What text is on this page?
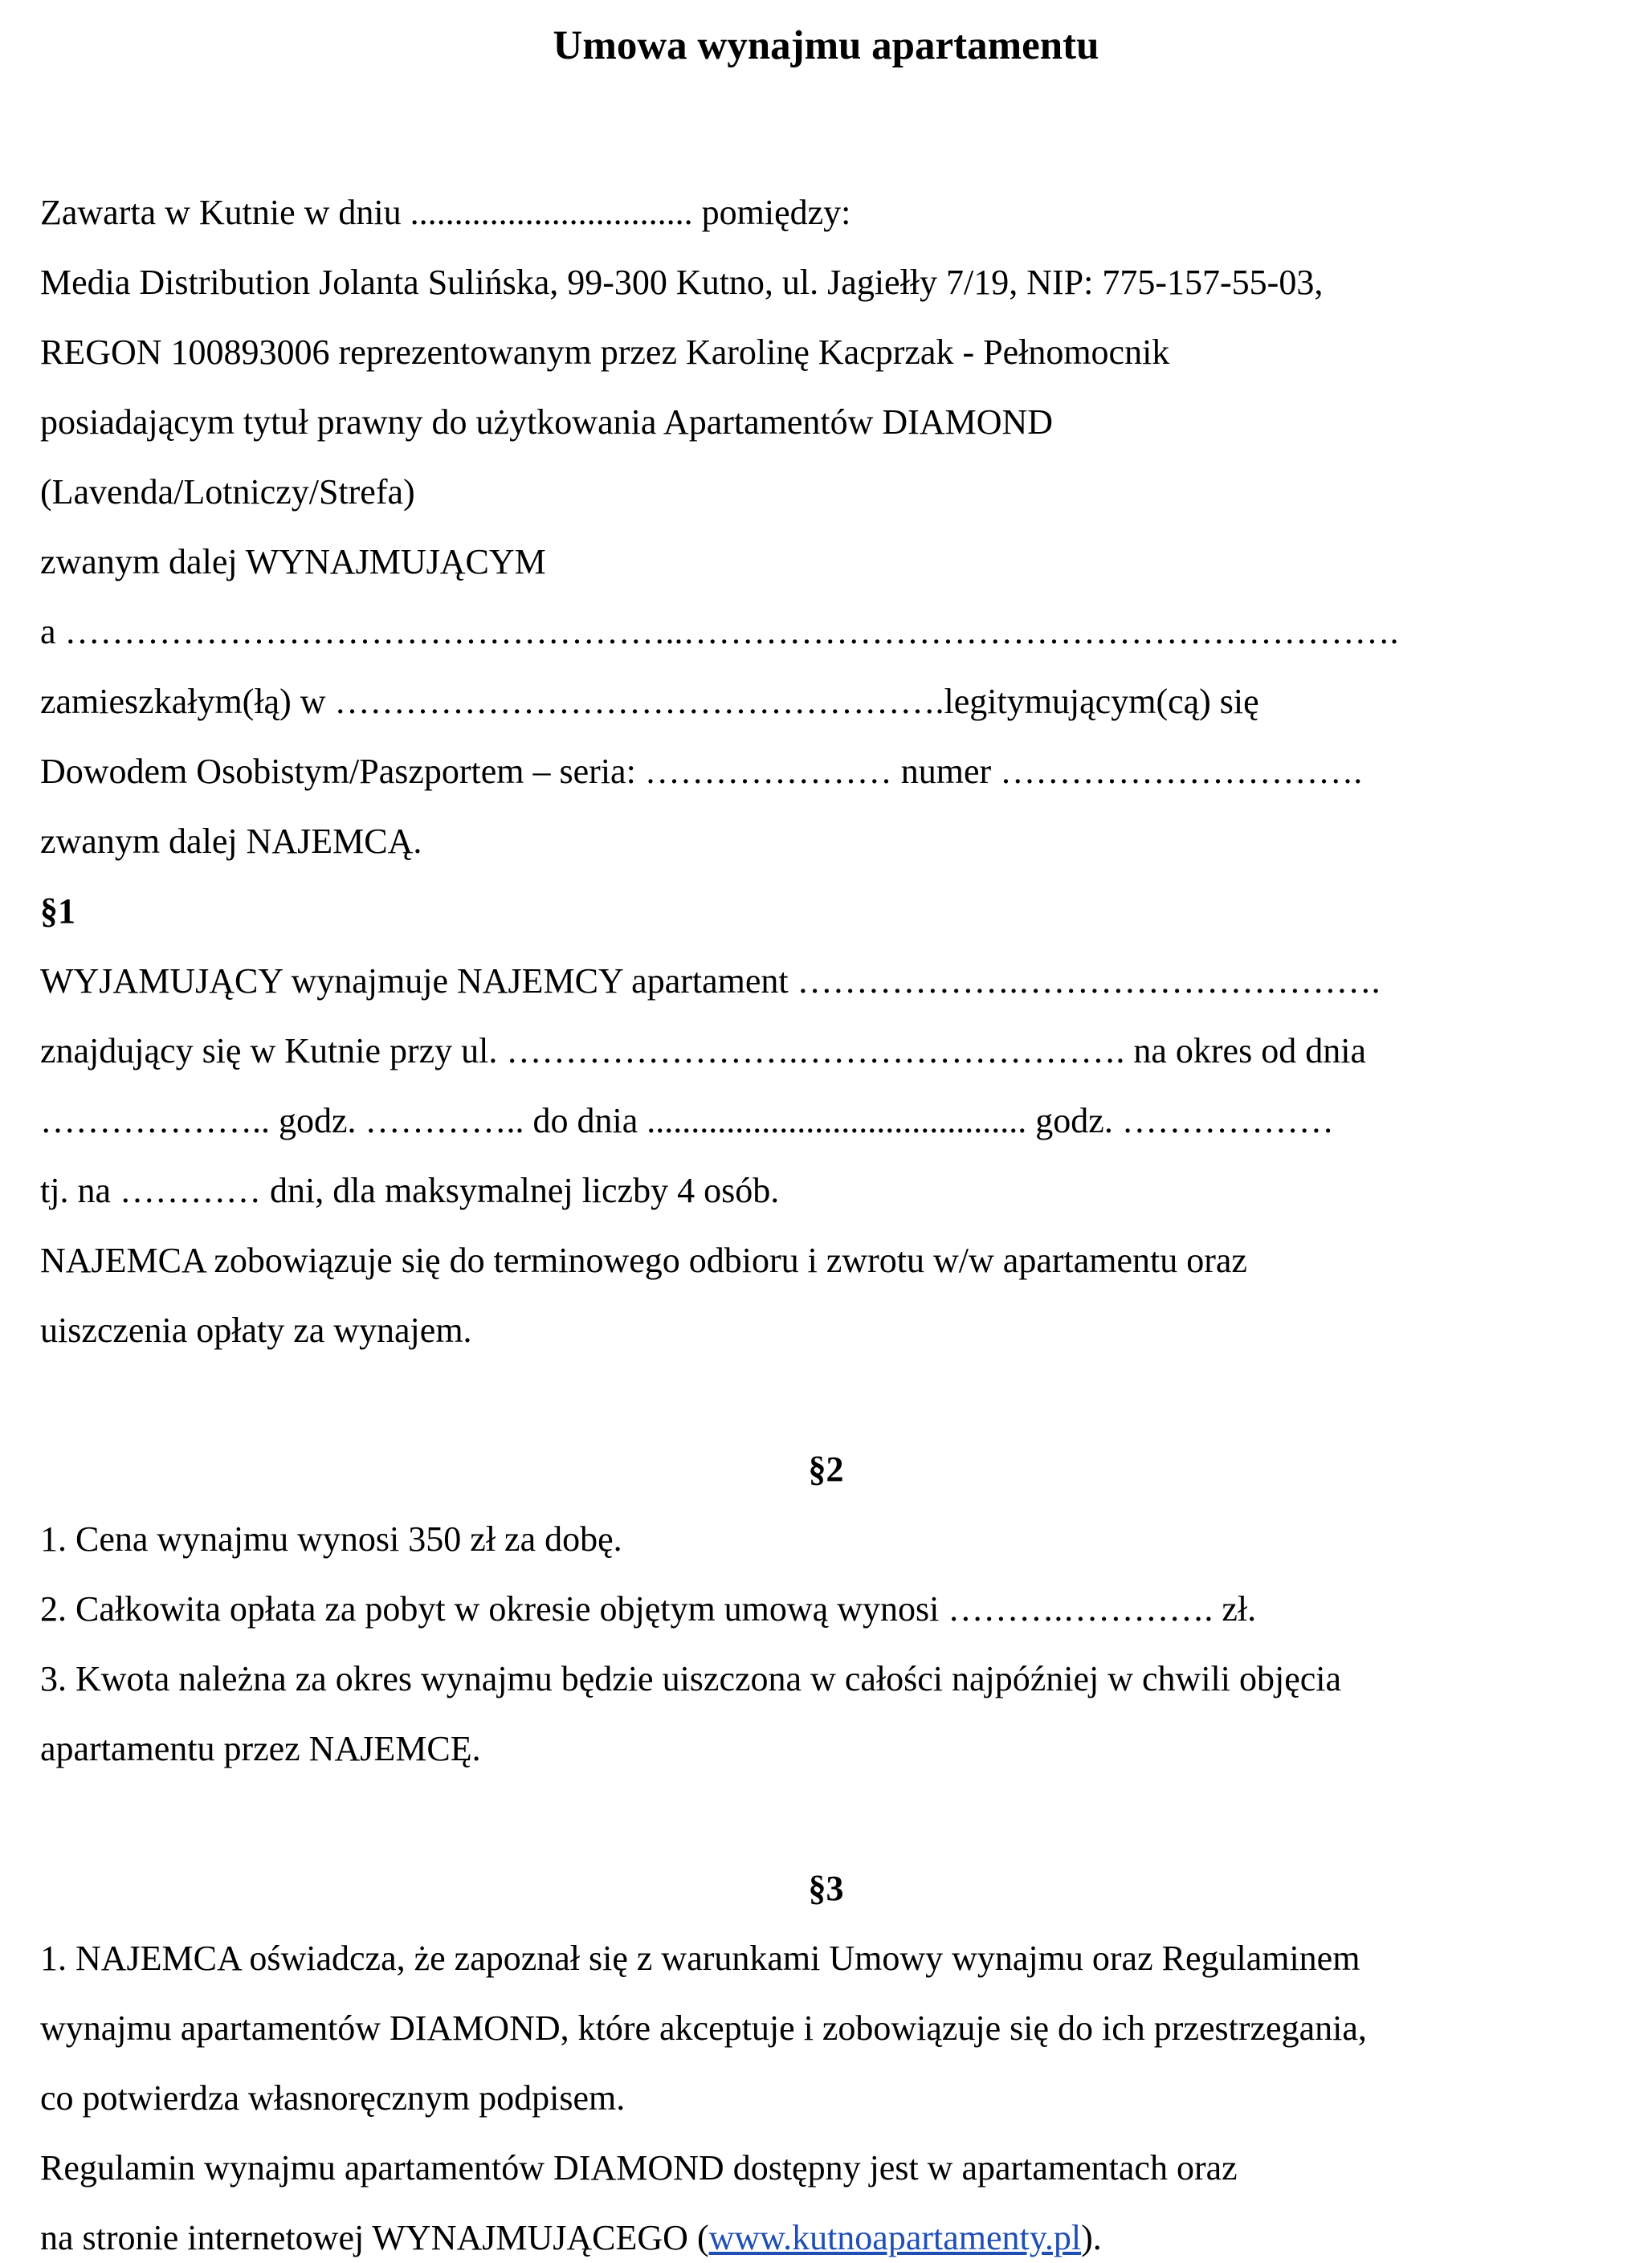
Umowa wynajmu apartamentu
Zawarta w Kutnie w dniu ................................ pomiędzy:
Media Distribution Jolanta Sulińska, 99-300 Kutno, ul. Jagiełły 7/19, NIP: 775-157-55-03,
REGON 100893006 reprezentowanym przez Karolinę Kacprzak - Pełnomocnik
posiadającym tytuł prawny do użytkowania Apartamentów DIAMOND
(Lavenda/Lotniczy/Strefa)
zwanym dalej WYNAJMUJĄCYM
a ……………………………………………..…………………………………………………….
zamieszkałym(łą) w …………………………………………….legitymującym(cą) się
Dowodem Osobistym/Paszportem – seria: ………………… numer ………………………….
zwanym dalej NAJEMCĄ.
§1
WYJAMUJĄCY wynajmuje NAJEMCY apartament ……………….………………………….
znajdujący się w Kutnie przy ul. …………………….………………………. na okres od dnia
……………….. godz. ………….. do dnia ........................................... godz. ………………
tj. na ………… dni, dla maksymalnej liczby 4 osób.
NAJEMCA zobowiązuje się do terminowego odbioru i zwrotu w/w apartamentu oraz
uiszczenia opłaty za wynajem.
§2
1. Cena wynajmu wynosi 350 zł za dobę.
2. Całkowita opłata za pobyt w okresie objętym umową wynosi ……….…………. zł.
3. Kwota należna za okres wynajmu będzie uiszczona w całości najpóźniej w chwili objęcia
apartamentu przez NAJEMCĘ.
§3
1. NAJEMCA oświadcza, że zapoznał się z warunkami Umowy wynajmu oraz Regulaminem
wynajmu apartamentów DIAMOND, które akceptuje i zobowiązuje się do ich przestrzegania,
co potwierdza własnoręcznym podpisem.
Regulamin wynajmu apartamentów DIAMOND dostępny jest w apartamentach oraz
na stronie internetowej WYNAJMUJĄCEGO (www.kutnoapartamenty.pl).
